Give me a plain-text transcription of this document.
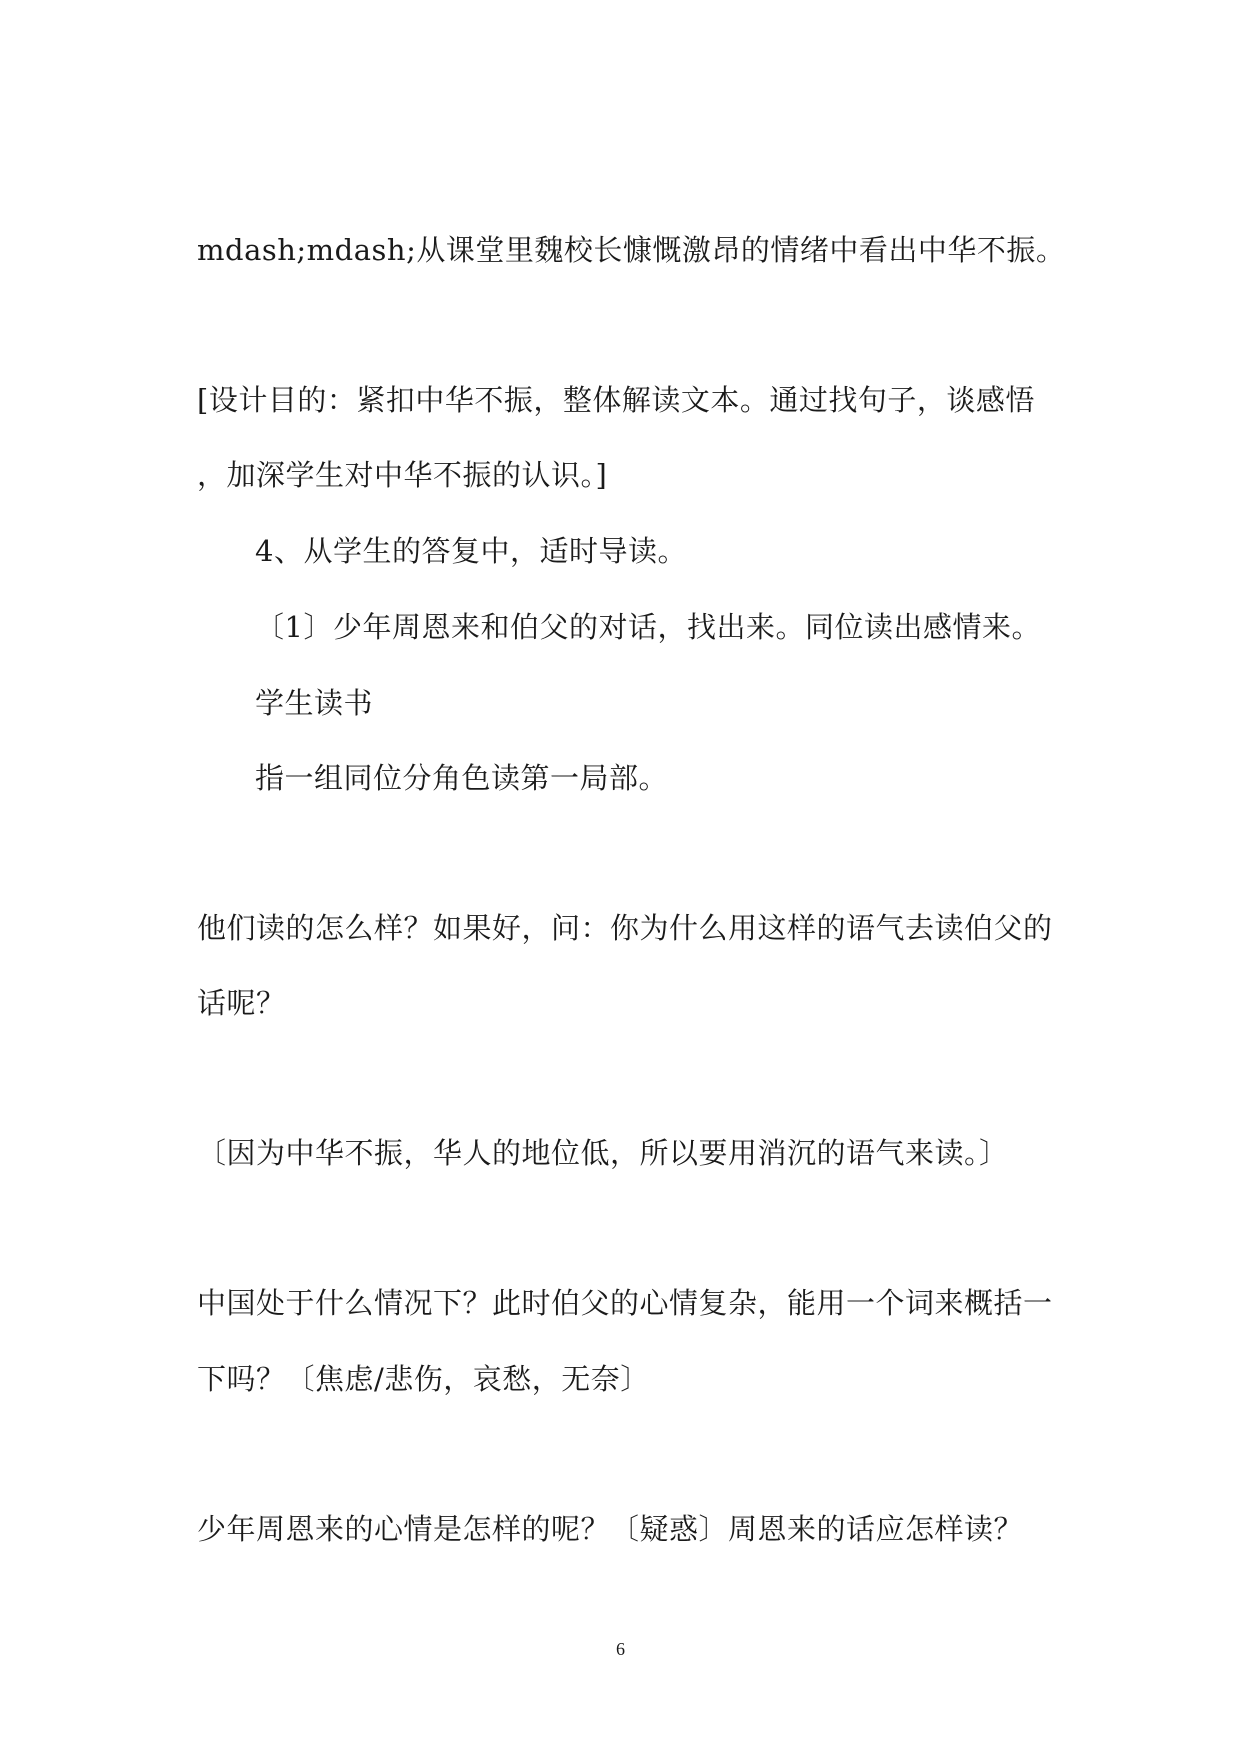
mdash;mdash;从课堂里魏校长慷慨激昂的情绪中看出中华不振。
[设计目的：紧扣中华不振，整体解读文本。通过找句子，谈感悟
，加深学生对中华不振的认识。]
4、从学生的答复中，适时导读。
〔1〕少年周恩来和伯父的对话，找出来。同位读出感情来。
学生读书
指一组同位分角色读第一局部。
他们读的怎么样？如果好，问：你为什么用这样的语气去读伯父的
话呢？
〔因为中华不振，华人的地位低，所以要用消沉的语气来读。〕
中国处于什么情况下？此时伯父的心情复杂，能用一个词来概括一
下吗？〔焦虑/悲伤，哀愁，无奈〕
少年周恩来的心情是怎样的呢？〔疑惑〕周恩来的话应怎样读？
6
